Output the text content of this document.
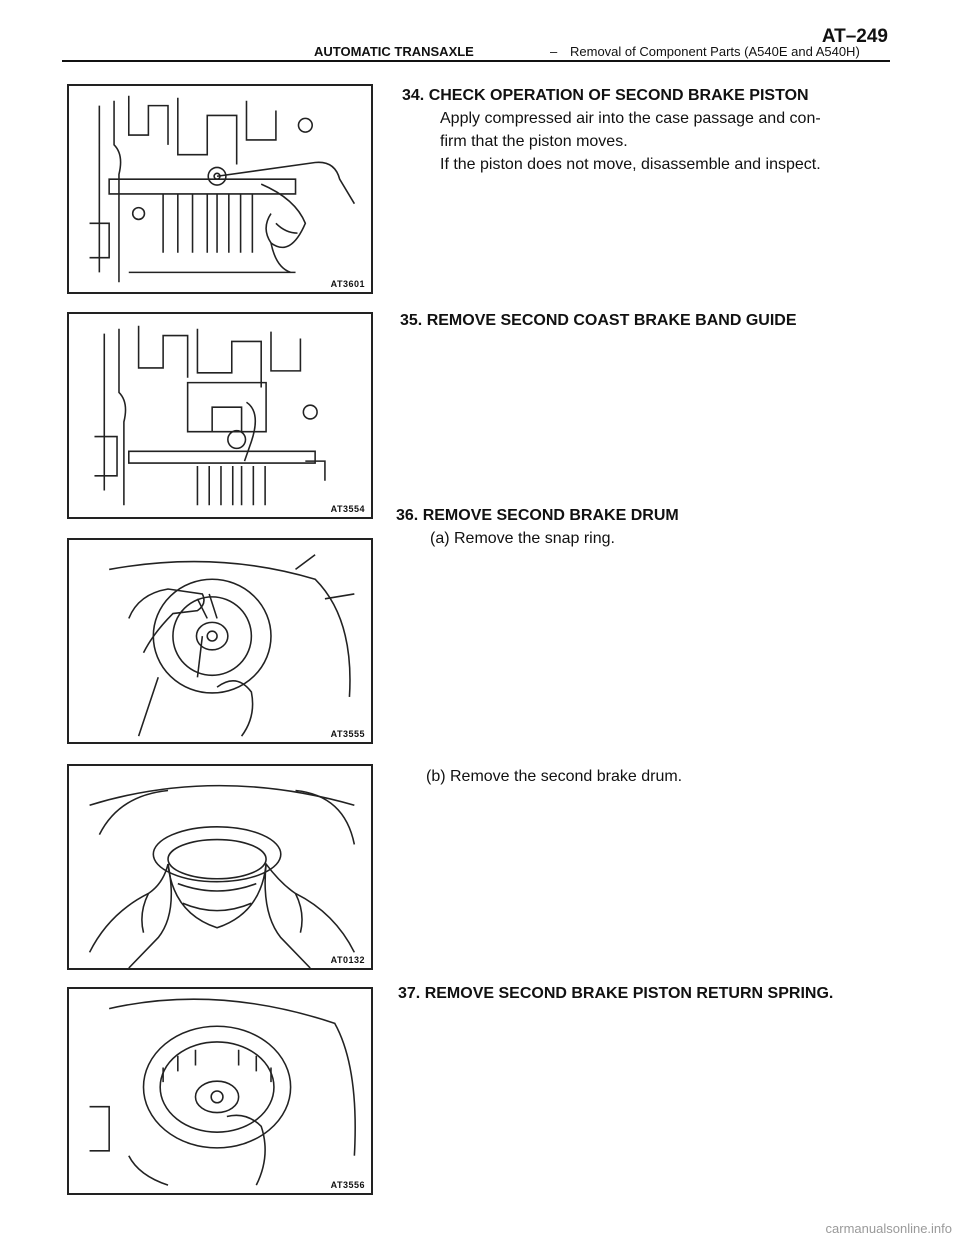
AUTOMATIC TRANSAXLE	– Removal of Component Parts (A540E and A540H)
AT–249
AT3601
AT3554
AT3555
AT0132
AT3556
34. CHECK OPERATION OF SECOND BRAKE PISTON
Apply compressed air into the case passage and con-
firm that the piston moves.
If the piston does not move, disassemble and inspect.
35. REMOVE SECOND COAST BRAKE BAND GUIDE
36. REMOVE SECOND BRAKE DRUM
(a) Remove the snap ring.
(b) Remove the second brake drum.
37. REMOVE SECOND BRAKE PISTON RETURN SPRING.
carmanualsonline.info
